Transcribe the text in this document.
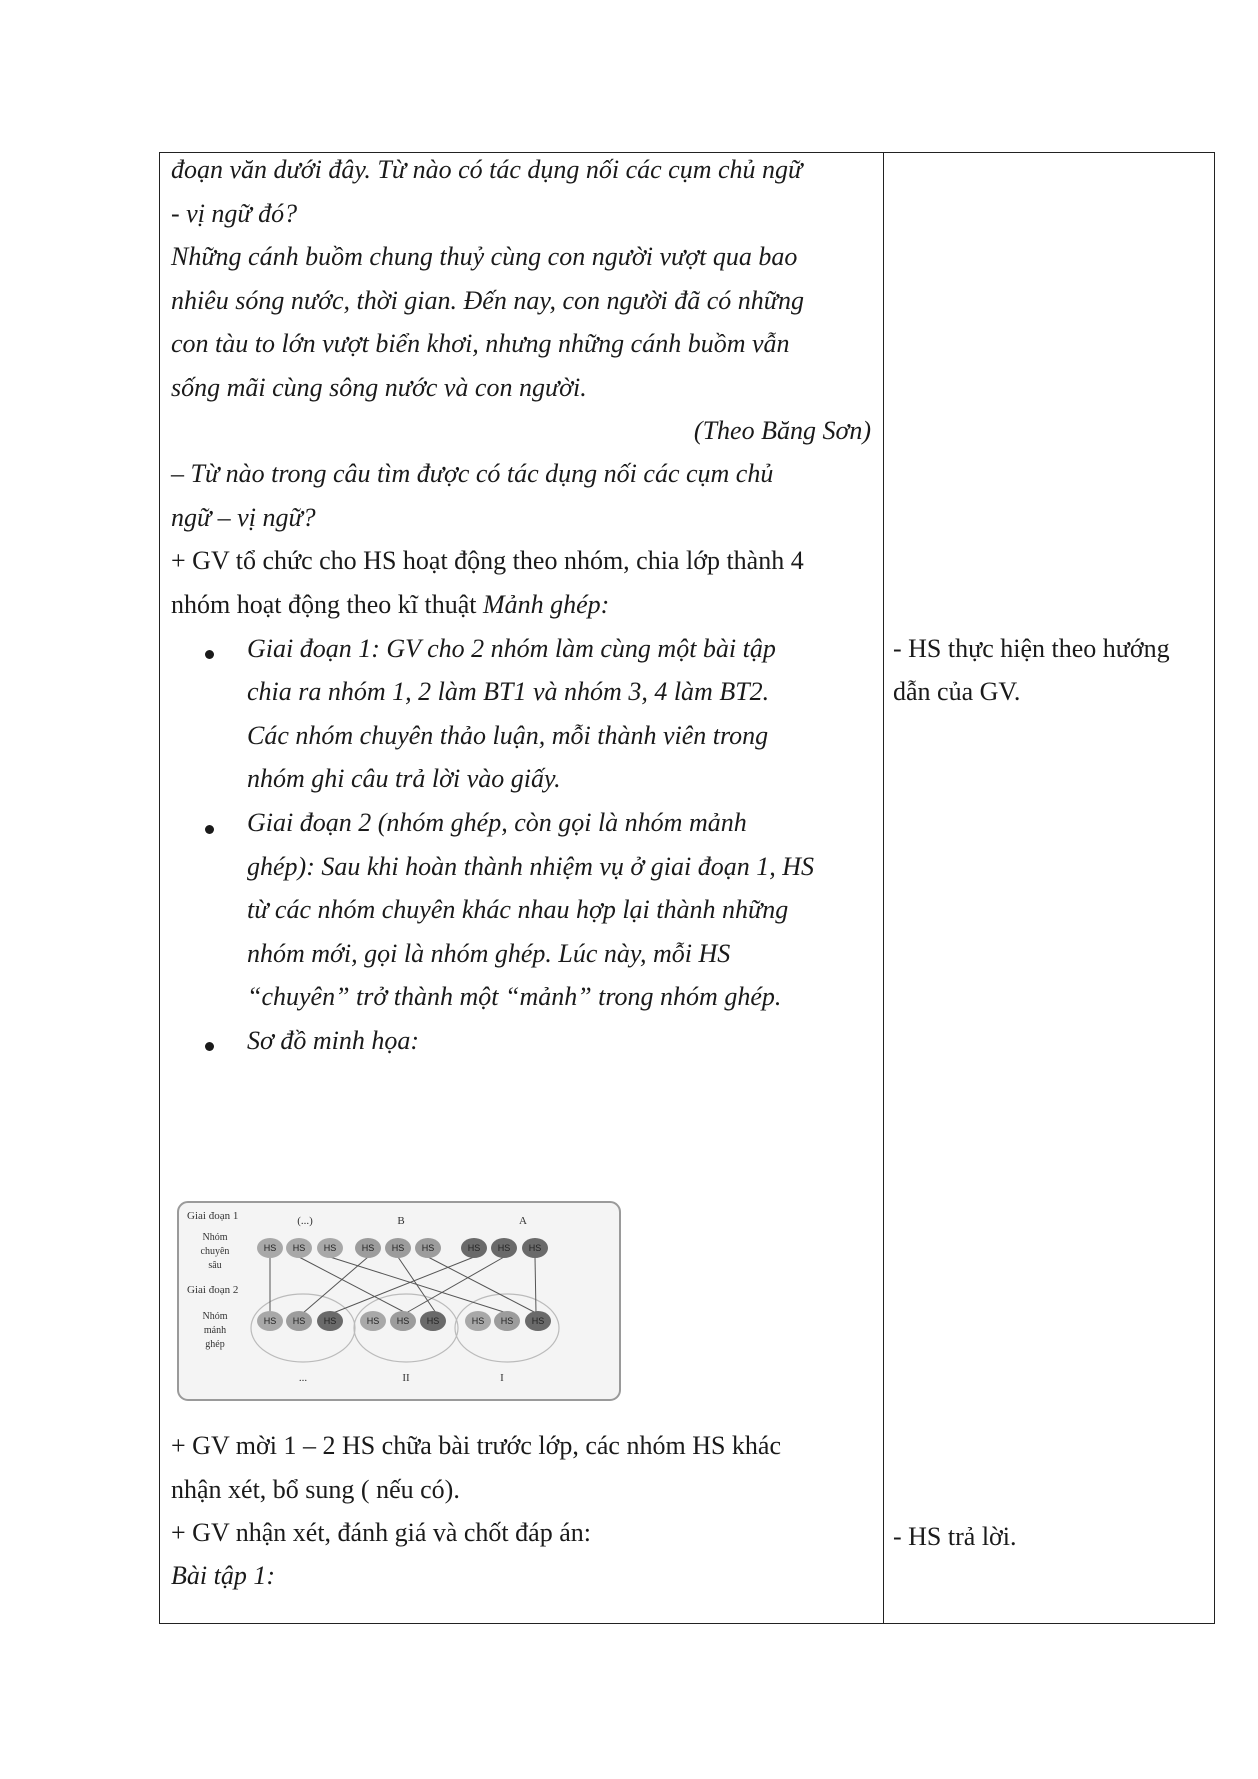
đoạn văn dưới đây. Từ nào có tác dụng nối các cụm chủ ngữ
- vị ngữ đó?
Những cánh buồm chung thuỷ cùng con người vượt qua bao
nhiêu sóng nước, thời gian. Đến nay, con người đã có những
con tàu to lớn vượt biển khơi, nhưng những cánh buồm vẫn
sống mãi cùng sông nước và con người.
(Theo Băng Sơn)
– Từ nào trong câu tìm được có tác dụng nối các cụm chủ
ngữ – vị ngữ?
+ GV tổ chức cho HS hoạt động theo nhóm, chia lớp thành 4
nhóm hoạt động theo kĩ thuật Mảnh ghép:
Giai đoạn 1: GV cho 2 nhóm làm cùng một bài tập
chia ra nhóm 1, 2 làm BT1 và nhóm 3, 4 làm BT2.
Các nhóm chuyên thảo luận, mỗi thành viên trong
nhóm ghi câu trả lời vào giấy.
Giai đoạn 2 (nhóm ghép, còn gọi là nhóm mảnh
ghép): Sau khi hoàn thành nhiệm vụ ở giai đoạn 1, HS
từ các nhóm chuyên khác nhau hợp lại thành những
nhóm mới, gọi là nhóm ghép. Lúc này, mỗi HS
“chuyên” trở thành một “mảnh” trong nhóm ghép.
Sơ đồ minh họa:
Giai đoạn 1
Nhóm
chuyên
sâu
Giai đoạn 2
Nhóm
mảnh
ghép
(...)	B	A
...	II	I
HS HS HS	HS HS HS	HS HS HS
HS HS HS	HS HS HS	HS HS HS
+ GV mời 1 – 2 HS chữa bài trước lớp, các nhóm HS khác
nhận xét, bổ sung ( nếu có).
+ GV nhận xét, đánh giá và chốt đáp án:
Bài tập 1:
- HS thực hiện theo hướng
dẫn của GV.
- HS trả lời.
